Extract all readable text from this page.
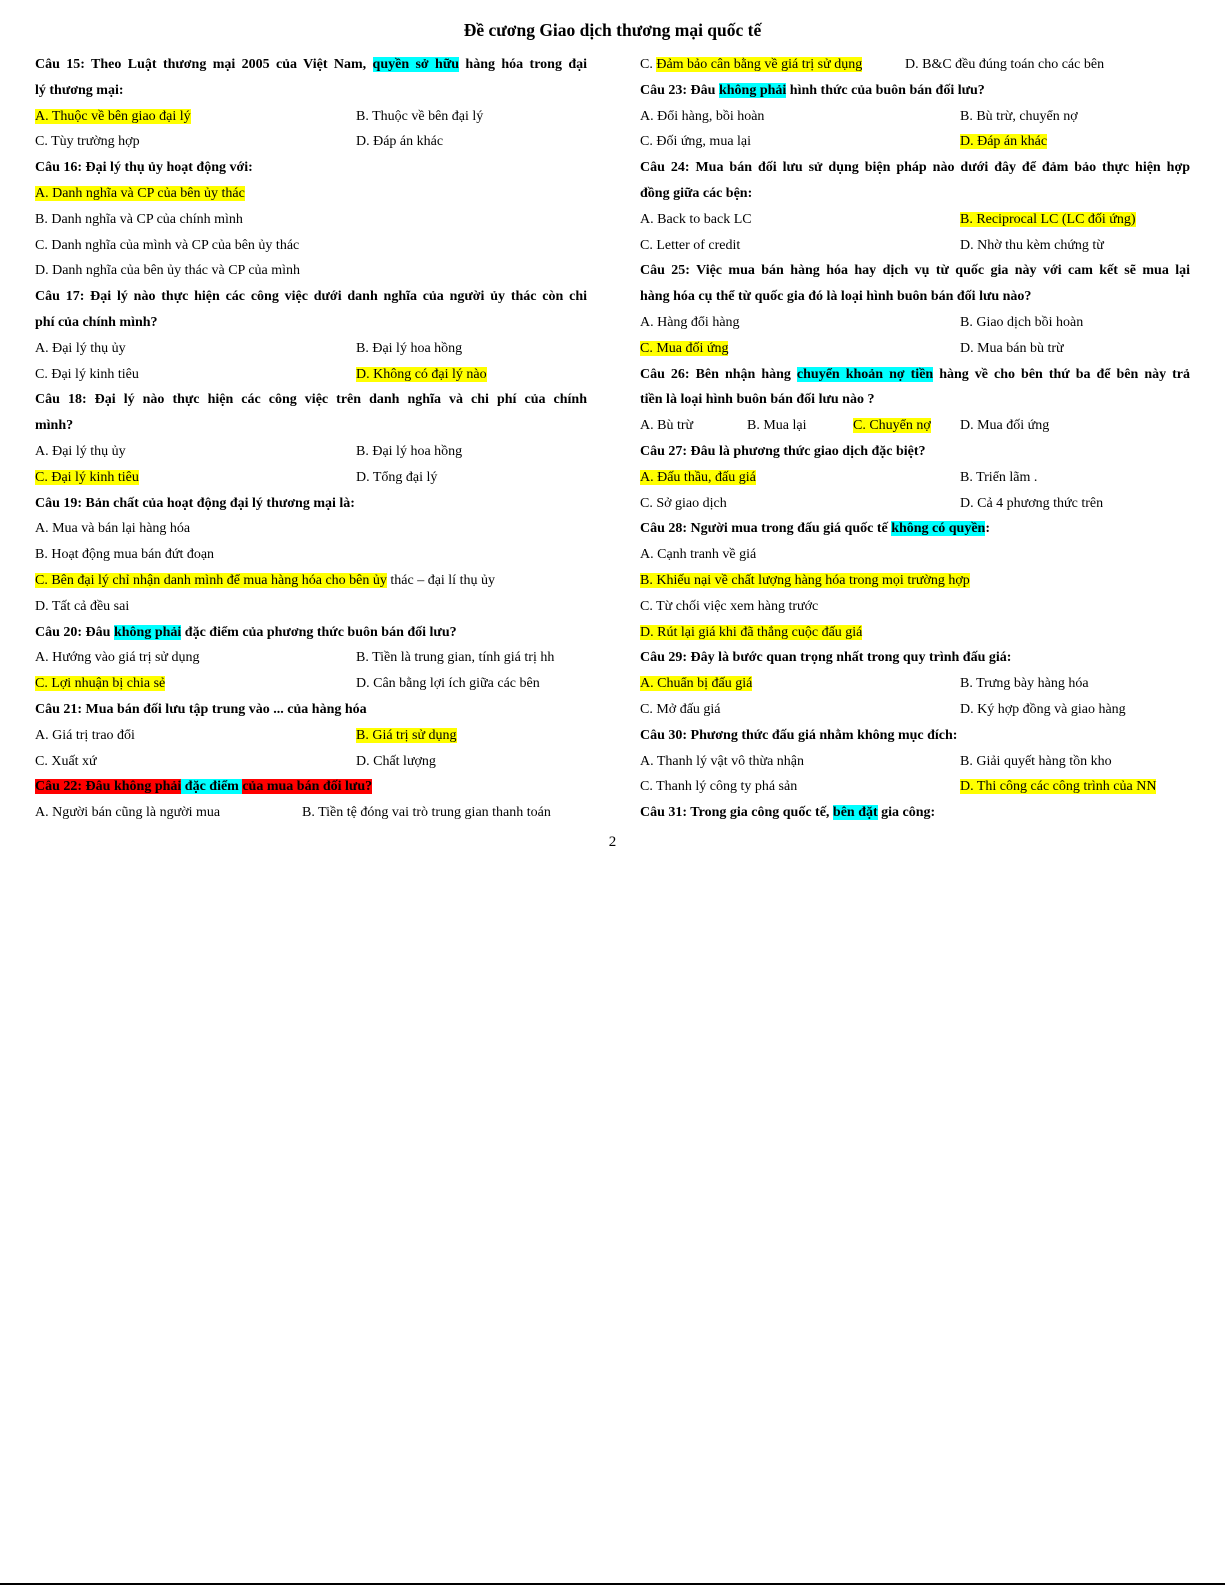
Đề cương Giao dịch thương mại quốc tế
Câu 15: Theo Luật thương mại 2005 của Việt Nam, quyền sở hữu hàng hóa trong đại
lý thương mại:
A. Thuộc về bên giao đại lý	B. Thuộc về bên đại lý
C. Tùy trường hợp	D. Đáp án khác
Câu 16: Đại lý thụ ủy hoạt động với:
A. Danh nghĩa và CP của bên ủy thác
B. Danh nghĩa và CP của chính mình
C. Danh nghĩa của mình và CP của bên ủy thác
D. Danh nghĩa của bên ủy thác và CP của mình
Câu 17: Đại lý nào thực hiện các công việc dưới danh nghĩa của người ủy thác còn chi
phí của chính mình?
A. Đại lý thụ ủy	B. Đại lý hoa hồng
C. Đại lý kinh tiêu	D. Không có đại lý nào
Câu 18: Đại lý nào thực hiện các công việc trên danh nghĩa và chi phí của chính
mình?
A. Đại lý thụ ủy	B. Đại lý hoa hồng
C. Đại lý kinh tiêu	D. Tổng đại lý
Câu 19: Bản chất của hoạt động đại lý thương mại là:
A. Mua và bán lại hàng hóa
B. Hoạt động mua bán đứt đoạn
C. Bên đại lý chỉ nhận danh mình để mua hàng hóa cho bên ủy thác – đại lí thụ ủy
D. Tất cả đều sai
Câu 20: Đâu không phải đặc điểm của phương thức buôn bán đối lưu?
A. Hướng vào giá trị sử dụng	B. Tiền là trung gian, tính giá trị hh
C. Lợi nhuận bị chia sẻ	D. Cân bằng lợi ích giữa các bên
Câu 21: Mua bán đối lưu tập trung vào ... của hàng hóa
A. Giá trị trao đổi	B. Giá trị sử dụng
C. Xuất xứ	D. Chất lượng
Câu 22: Đâu không phải đặc điểm của mua bán đối lưu?
A. Người bán cũng là người mua	B. Tiền tệ đóng vai trò trung gian thanh toán
C. Đảm bảo cân bằng về giá trị sử dụng	D. B&C đều đúng toán cho các bên
Câu 23: Đâu không phải hình thức của buôn bán đối lưu?
A. Đổi hàng, bồi hoàn	B. Bù trừ, chuyển nợ
C. Đối ứng, mua lại	D. Đáp án khác
Câu 24: Mua bán đối lưu sử dụng biện pháp nào dưới đây để đảm bảo thực hiện hợp
đồng giữa các bện:
A. Back to back LC	B. Reciprocal LC (LC đối ứng)
C. Letter of credit	D. Nhờ thu kèm chứng từ
Câu 25: Việc mua bán hàng hóa hay dịch vụ từ quốc gia này với cam kết sẽ mua lại
hàng hóa cụ thể từ quốc gia đó là loại hình buôn bán đối lưu nào?
A. Hàng đổi hàng	B. Giao dịch bồi hoàn
C. Mua đối ứng	D. Mua bán bù trừ
Câu 26: Bên nhận hàng chuyển khoản nợ tiền hàng về cho bên thứ ba để bên này trả
tiền là loại hình buôn bán đối lưu nào ?
A. Bù trừ	B. Mua lại	C. Chuyển nợ D. Mua đối ứng
Câu 27: Đâu là phương thức giao dịch đặc biệt?
A. Đấu thầu, đấu giá	B. Triển lãm .
C. Sở giao dịch	D. Cả 4 phương thức trên
Câu 28: Người mua trong đấu giá quốc tế không có quyền:
A. Cạnh tranh về giá
B. Khiếu nại về chất lượng hàng hóa trong mọi trường hợp
C. Từ chối việc xem hàng trước
D. Rút lại giá khi đã thắng cuộc đấu giá
Câu 29: Đây là bước quan trọng nhất trong quy trình đấu giá:
A. Chuẩn bị đấu giá	B. Trưng bày hàng hóa
C. Mở đấu giá	D. Ký hợp đồng và giao hàng
Câu 30: Phương thức đấu giá nhằm không mục đích:
A. Thanh lý vật vô thừa nhận	B. Giải quyết hàng tồn kho
C. Thanh lý công ty phá sản	D. Thi công các công trình của NN
Câu 31: Trong gia công quốc tế, bên đặt gia công:
2
